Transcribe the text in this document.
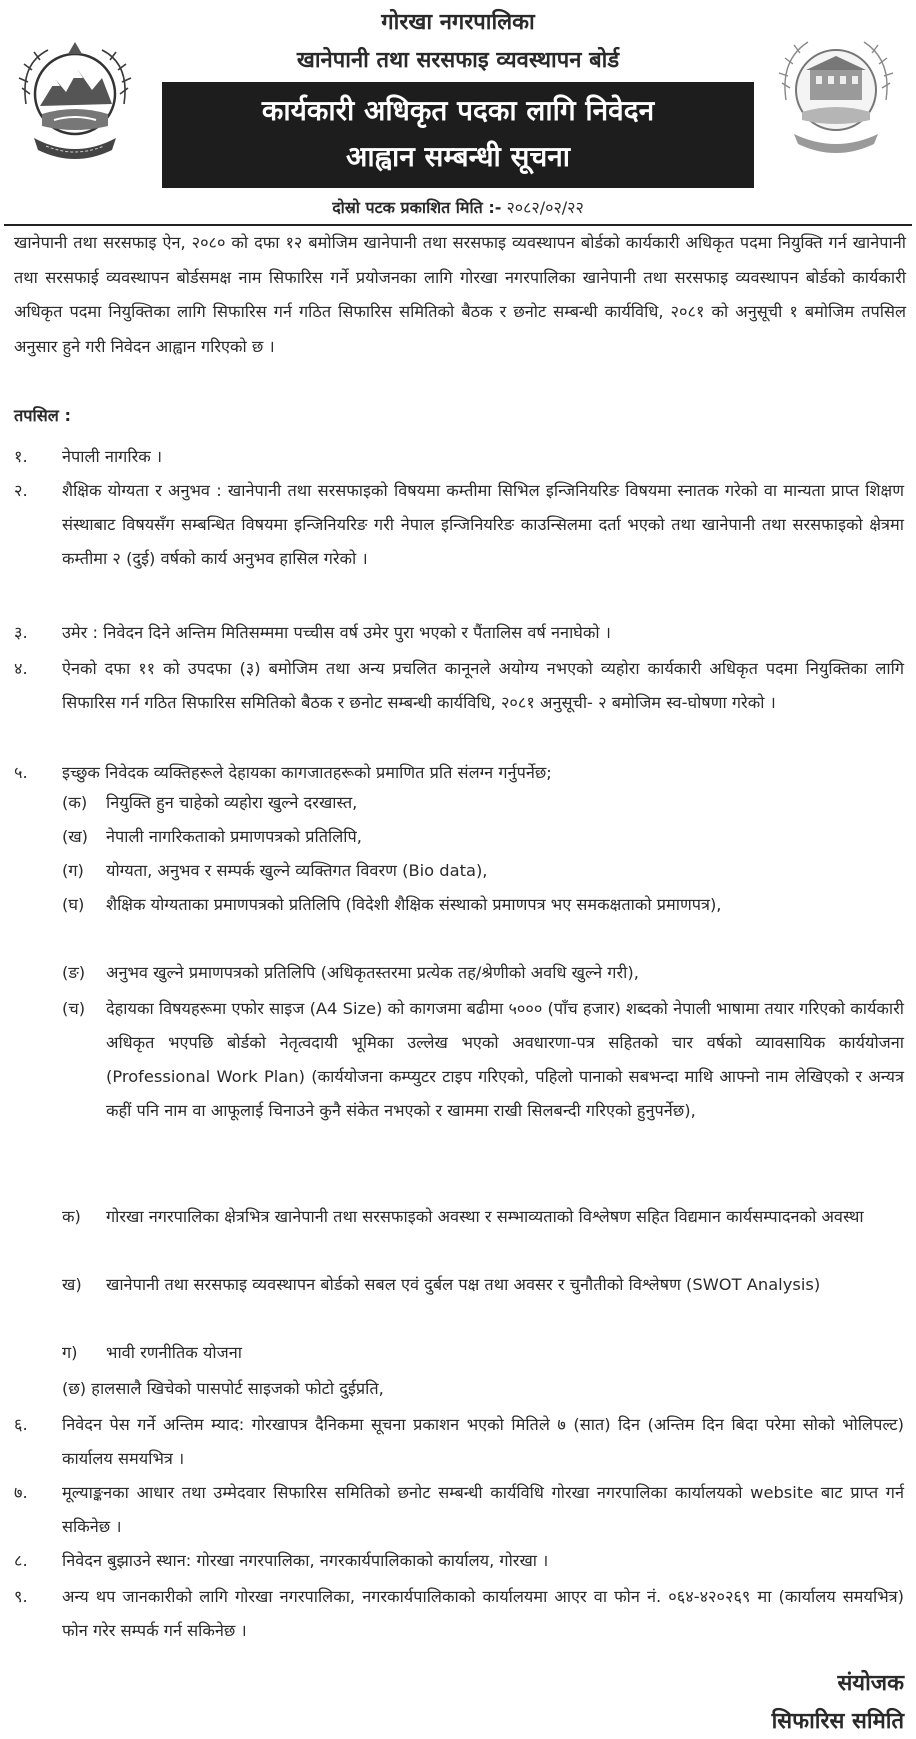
गोरखा नगरपालिका
खानेपानी तथा सरसफाइ व्यवस्थापन बोर्ड
कार्यकारी अधिकृत पदका लागि निवेदन
आह्वान सम्बन्धी सूचना
दोस्रो पटक प्रकाशित मिति :- २०८२/०२/२२

खानेपानी तथा सरसफाइ ऐन, २०८० को दफा १२ बमोजिम खानेपानी तथा सरसफाइ व्यवस्थापन बोर्डको कार्यकारी अधिकृत पदमा नियुक्ति गर्न खानेपानी तथा सरसफाई व्यवस्थापन बोर्डसमक्ष नाम सिफारिस गर्ने प्रयोजनका लागि गोरखा नगरपालिका खानेपानी तथा सरसफाइ व्यवस्थापन बोर्डको कार्यकारी अधिकृत पदमा नियुक्तिका लागि सिफारिस गर्न गठित सिफारिस समितिको बैठक र छनोट सम्बन्धी कार्यविधि, २०८१ को अनुसूची १ बमोजिम तपसिल अनुसार हुने गरी निवेदन आह्वान गरिएको छ ।

तपसिल :
१. नेपाली नागरिक ।
२. शैक्षिक योग्यता र अनुभव : खानेपानी तथा सरसफाइको विषयमा कम्तीमा सिभिल इन्जिनियरिङ विषयमा स्नातक गरेको वा मान्यता प्राप्त शिक्षण संस्थाबाट विषयसँग सम्बन्धित विषयमा इन्जिनियरिङ गरी नेपाल इन्जिनियरिङ काउन्सिलमा दर्ता भएको तथा खानेपानी तथा सरसफाइको क्षेत्रमा कम्तीमा २ (दुई) वर्षको कार्य अनुभव हासिल गरेको ।
३. उमेर : निवेदन दिने अन्तिम मितिसम्ममा पच्चीस वर्ष उमेर पुरा भएको र पैंतालिस वर्ष ननाघेको ।
४. ऐनको दफा ११ को उपदफा (३) बमोजिम तथा अन्य प्रचलित कानूनले अयोग्य नभएको व्यहोरा कार्यकारी अधिकृत पदमा नियुक्तिका लागि सिफारिस गर्न गठित सिफारिस समितिको बैठक र छनोट सम्बन्धी कार्यविधि, २०८१ अनुसूची- २ बमोजिम स्व-घोषणा गरेको ।
५. इच्छुक निवेदक व्यक्तिहरूले देहायका कागजातहरूको प्रमाणित प्रति संलग्न गर्नुपर्नेछ;
(क) नियुक्ति हुन चाहेको व्यहोरा खुल्ने दरखास्त,
(ख) नेपाली नागरिकताको प्रमाणपत्रको प्रतिलिपि,
(ग) योग्यता, अनुभव र सम्पर्क खुल्ने व्यक्तिगत विवरण (Bio data),
(घ) शैक्षिक योग्यताका प्रमाणपत्रको प्रतिलिपि (विदेशी शैक्षिक संस्थाको प्रमाणपत्र भए समकक्षताको प्रमाणपत्र),
(ङ) अनुभव खुल्ने प्रमाणपत्रको प्रतिलिपि (अधिकृतस्तरमा प्रत्येक तह/श्रेणीको अवधि खुल्ने गरी),
(च) देहायका विषयहरूमा एफोर साइज (A4 Size) को कागजमा बढीमा ५००० (पाँच हजार) शब्दको नेपाली भाषामा तयार गरिएको कार्यकारी अधिकृत भएपछि बोर्डको नेतृत्वदायी भूमिका उल्लेख भएको अवधारणा-पत्र सहितको चार वर्षको व्यावसायिक कार्ययोजना (Professional Work Plan) (कार्ययोजना कम्प्युटर टाइप गरिएको, पहिलो पानाको सबभन्दा माथि आफ्नो नाम लेखिएको र अन्यत्र कहीं पनि नाम वा आफूलाई चिनाउने कुनै संकेत नभएको र खाममा राखी सिलबन्दी गरिएको हुनुपर्नेछ),
क) गोरखा नगरपालिका क्षेत्रभित्र खानेपानी तथा सरसफाइको अवस्था र सम्भाव्यताको विश्लेषण सहित विद्यमान कार्यसम्पादनको अवस्था
ख) खानेपानी तथा सरसफाइ व्यवस्थापन बोर्डको सबल एवं दुर्बल पक्ष तथा अवसर र चुनौतीको विश्लेषण (SWOT Analysis)
ग) भावी रणनीतिक योजना
(छ) हालसालै खिचेको पासपोर्ट साइजको फोटो दुईप्रति,
६. निवेदन पेस गर्ने अन्तिम म्याद: गोरखापत्र दैनिकमा सूचना प्रकाशन भएको मितिले ७ (सात) दिन (अन्तिम दिन बिदा परेमा सोको भोलिपल्ट) कार्यालय समयभित्र ।
७. मूल्याङ्कनका आधार तथा उम्मेदवार सिफारिस समितिको छनोट सम्बन्धी कार्यविधि गोरखा नगरपालिका कार्यालयको website बाट प्राप्त गर्न सकिनेछ ।
८. निवेदन बुझाउने स्थान: गोरखा नगरपालिका, नगरकार्यपालिकाको कार्यालय, गोरखा ।
९. अन्य थप जानकारीको लागि गोरखा नगरपालिका, नगरकार्यपालिकाको कार्यालयमा आएर वा फोन नं. ०६४-४२०२६९ मा (कार्यालय समयभित्र) फोन गरेर सम्पर्क गर्न सकिनेछ ।
संयोजक
सिफारिस समिति
